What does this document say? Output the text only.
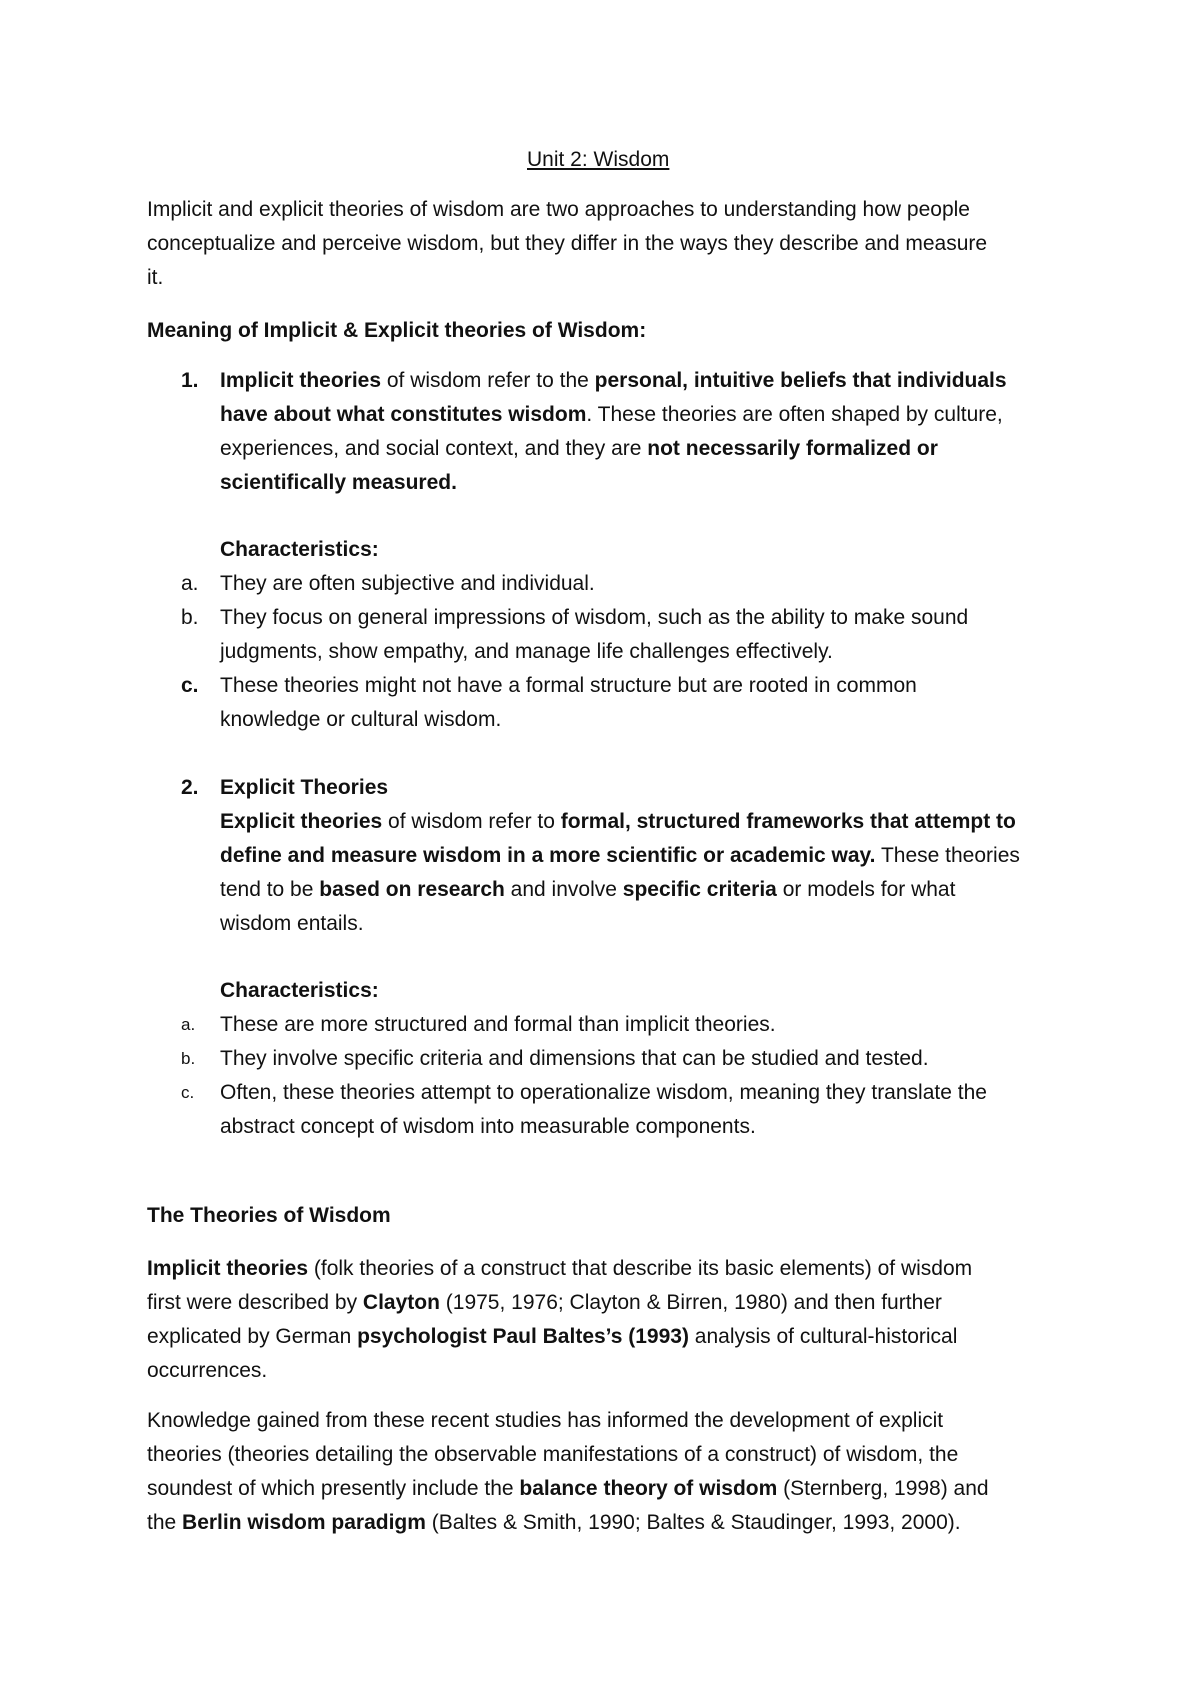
Unit 2: Wisdom
Implicit and explicit theories of wisdom are two approaches to understanding how people
conceptualize and perceive wisdom, but they differ in the ways they describe and measure
it.
Meaning of Implicit & Explicit theories of Wisdom:
1. Implicit theories of wisdom refer to the personal, intuitive beliefs that individuals
have about what constitutes wisdom. These theories are often shaped by culture,
experiences, and social context, and they are not necessarily formalized or
scientifically measured.
Characteristics:
a. They are often subjective and individual.
b. They focus on general impressions of wisdom, such as the ability to make sound
judgments, show empathy, and manage life challenges effectively.
c. These theories might not have a formal structure but are rooted in common
knowledge or cultural wisdom.
2. Explicit Theories
Explicit theories of wisdom refer to formal, structured frameworks that attempt to
define and measure wisdom in a more scientific or academic way. These theories
tend to be based on research and involve specific criteria or models for what
wisdom entails.
Characteristics:
a. These are more structured and formal than implicit theories.
b. They involve specific criteria and dimensions that can be studied and tested.
c. Often, these theories attempt to operationalize wisdom, meaning they translate the
abstract concept of wisdom into measurable components.
The Theories of Wisdom
Implicit theories (folk theories of a construct that describe its basic elements) of wisdom
first were described by Clayton (1975, 1976; Clayton & Birren, 1980) and then further
explicated by German psychologist Paul Baltes’s (1993) analysis of cultural-historical
occurrences.
Knowledge gained from these recent studies has informed the development of explicit
theories (theories detailing the observable manifestations of a construct) of wisdom, the
soundest of which presently include the balance theory of wisdom (Sternberg, 1998) and
the Berlin wisdom paradigm (Baltes & Smith, 1990; Baltes & Staudinger, 1993, 2000).
